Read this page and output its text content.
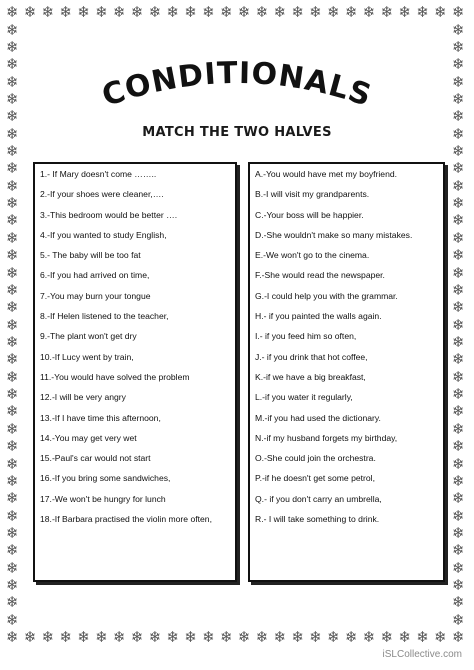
❄
❄
❄
❄
❄
❄
❄
❄
❄
❄
❄
❄
❄
❄
❄
❄
❄
❄
❄
❄
❄
❄
❄
❄
❄
❄
❄
❄
❄
❄
❄
❄
❄
❄
❄
❄
❄
❄
❄
❄
❄
❄
❄
❄
❄
❄
❄
❄
❄
❄
❄
❄
❄	❄
❄	❄
❄	❄
❄	❄
❄	❄
❄	❄
❄	❄
❄	❄
❄	❄
❄	❄
❄	❄
❄	❄
❄	❄
❄	❄
❄	❄
❄	❄
❄	❄
❄	❄
❄	❄
❄	❄
❄	❄
❄	❄
❄	❄
❄	❄
❄	❄
❄	❄
❄	❄
❄	❄
❄	❄
❄	❄
❄	❄
❄	❄
❄	❄
❄	❄
❄	❄
CONDITIONALS
MATCH THE TWO HALVES
1.- If Mary doesn't come ……..
2.-If your shoes were cleaner,….
3.-This bedroom would be better ….
4.-If you wanted to study English,
5.- The baby will be too fat
6.-If you had arrived on time,
7.-You may burn your tongue
8.-If Helen listened to the teacher,
9.-The plant won't get dry
10.-If Lucy went by train,
11.-You would have solved the problem
12.-I will be very angry
13.-If I have time this afternoon,
14.-You may get very wet
15.-Paul's car would not start
16.-If you bring some sandwiches,
17.-We won't be hungry for lunch
18.-If Barbara practised the violin more often,
A.-You would have met my boyfriend.
B.-I will visit my grandparents.
C.-Your boss will be happier.
D.-She wouldn't make so many mistakes.
E.-We won't go to the cinema.
F.-She would read the newspaper.
G.-I could help you with the grammar.
H.- if you painted the walls again.
I.- if you feed him so often,
J.- if you drink that hot coffee,
K.-if we have a big breakfast,
L.-if you water it regularly,
M.-if you had used the dictionary.
N.-if my husband forgets my birthday,
O.-She could join the orchestra.
P.-if he doesn't get some petrol,
Q.- if you don't carry an umbrella,
R.- I will take something to drink.
iSLCollective.com
